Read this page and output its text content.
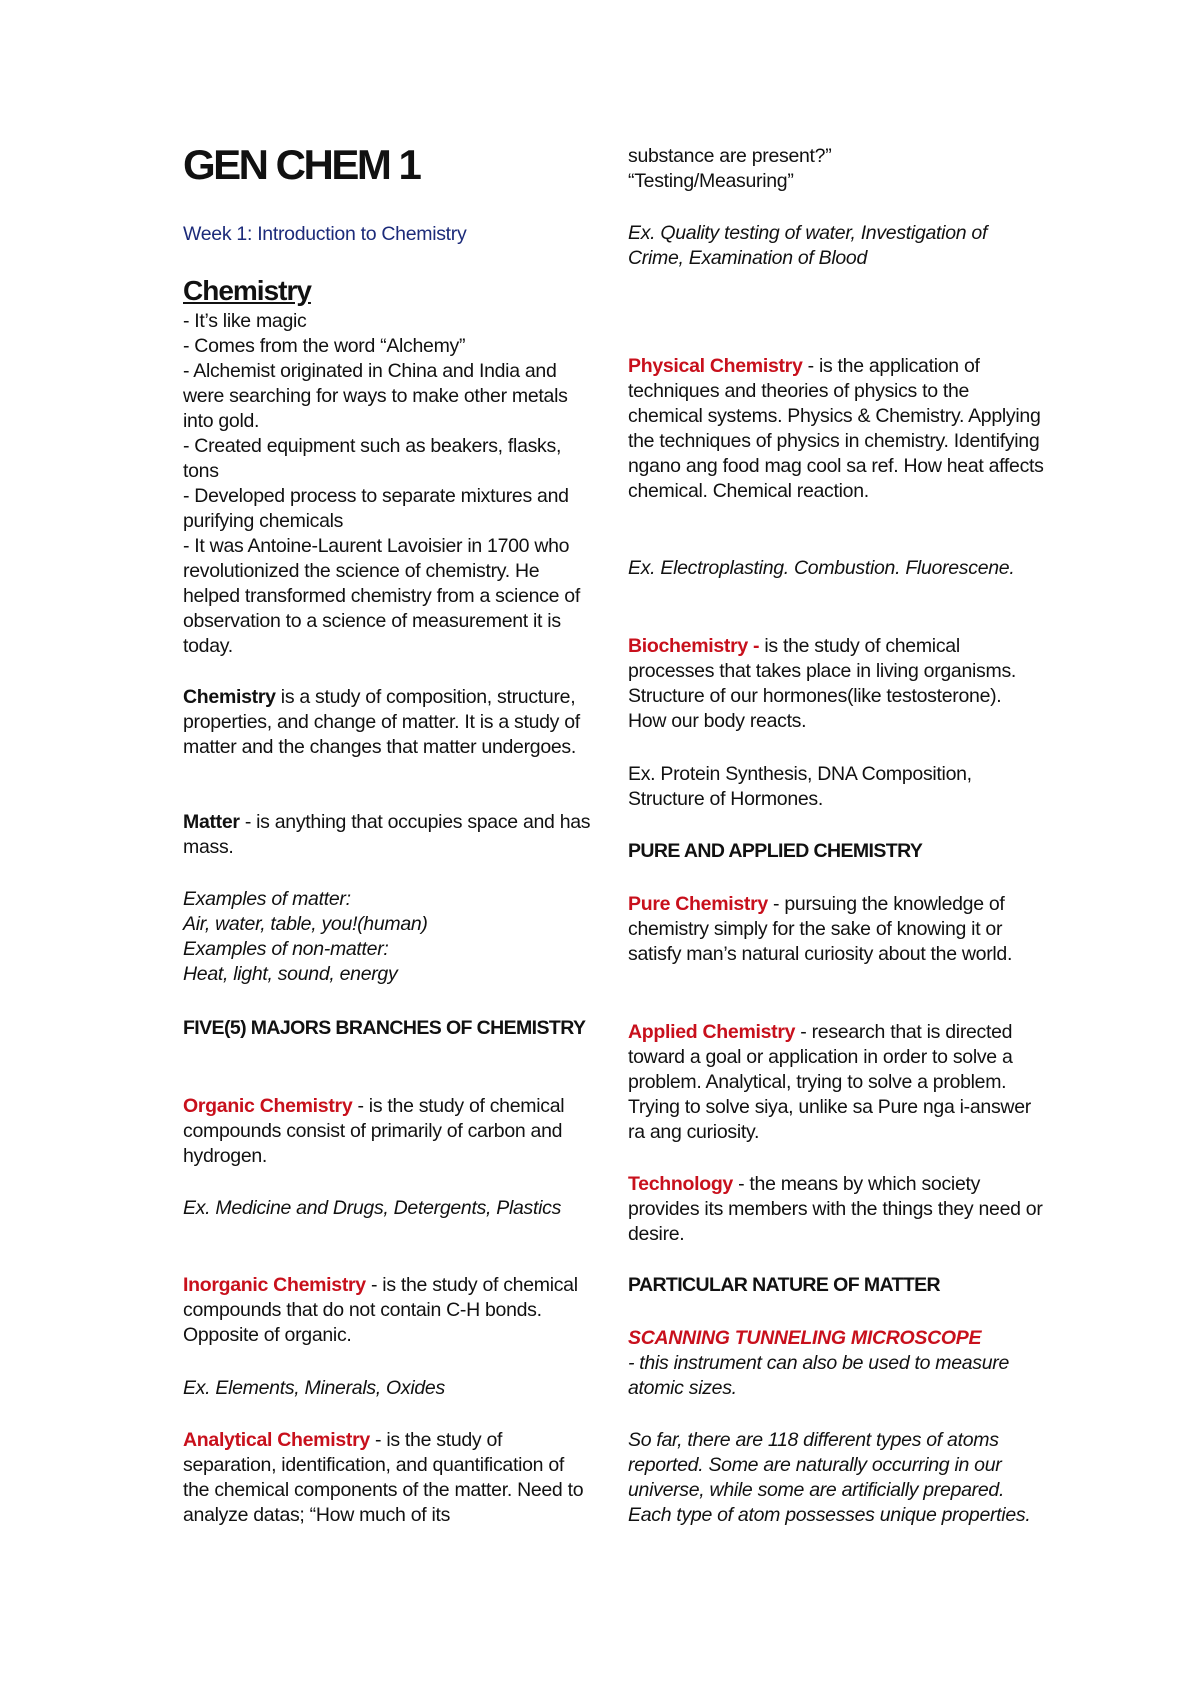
GEN CHEM 1

Week 1: Introduction to Chemistry

Chemistry

- It’s like magic

- Comes from the word “Alchemy”

- Alchemist originated in China and India and were searching for ways to make other metals into gold.

- Created equipment such as beakers, flasks, tons

- Developed process to separate mixtures and purifying chemicals

- It was Antoine-Laurent Lavoisier in 1700 who revolutionized the science of chemistry. He helped transformed chemistry from a science of observation to a science of measurement it is today.

Chemistry is a study of composition, structure, properties, and change of matter. It is a study of matter and the changes that matter undergoes.

Matter - is anything that occupies space and has mass.

Examples of matter:

Air, water, table, you!(human)

Examples of non-matter:

Heat, light, sound, energy

FIVE(5) MAJORS BRANCHES OF CHEMISTRY

Organic Chemistry - is the study of chemical compounds consist of primarily of carbon and hydrogen.

Ex. Medicine and Drugs, Detergents, Plastics

Inorganic Chemistry - is the study of chemical compounds that do not contain C-H bonds. Opposite of organic.

Ex. Elements, Minerals, Oxides

Analytical Chemistry - is the study of separation, identification, and quantification of the chemical components of the matter. Need to analyze datas; “How much of its

substance are present?”

“Testing/Measuring”

Ex. Quality testing of water, Investigation of Crime, Examination of Blood

Physical Chemistry - is the application of techniques and theories of physics to the chemical systems. Physics & Chemistry. Applying the techniques of physics in chemistry. Identifying ngano ang food mag cool sa ref. How heat affects chemical. Chemical reaction.

Ex. Electroplasting. Combustion. Fluorescene.

Biochemistry - is the study of chemical processes that takes place in living organisms. Structure of our hormones(like testosterone). How our body reacts.

Ex. Protein Synthesis, DNA Composition, Structure of Hormones.

PURE AND APPLIED CHEMISTRY

Pure Chemistry - pursuing the knowledge of chemistry simply for the sake of knowing it or satisfy man’s natural curiosity about the world.

Applied Chemistry - research that is directed toward a goal or application in order to solve a problem. Analytical, trying to solve a problem. Trying to solve siya, unlike sa Pure nga i-answer ra ang curiosity.

Technology - the means by which society provides its members with the things they need or desire.

PARTICULAR NATURE OF MATTER

SCANNING TUNNELING MICROSCOPE
- this instrument can also be used to measure atomic sizes.

So far, there are 118 different types of atoms reported. Some are naturally occurring in our universe, while some are artificially prepared. Each type of atom possesses unique properties.
